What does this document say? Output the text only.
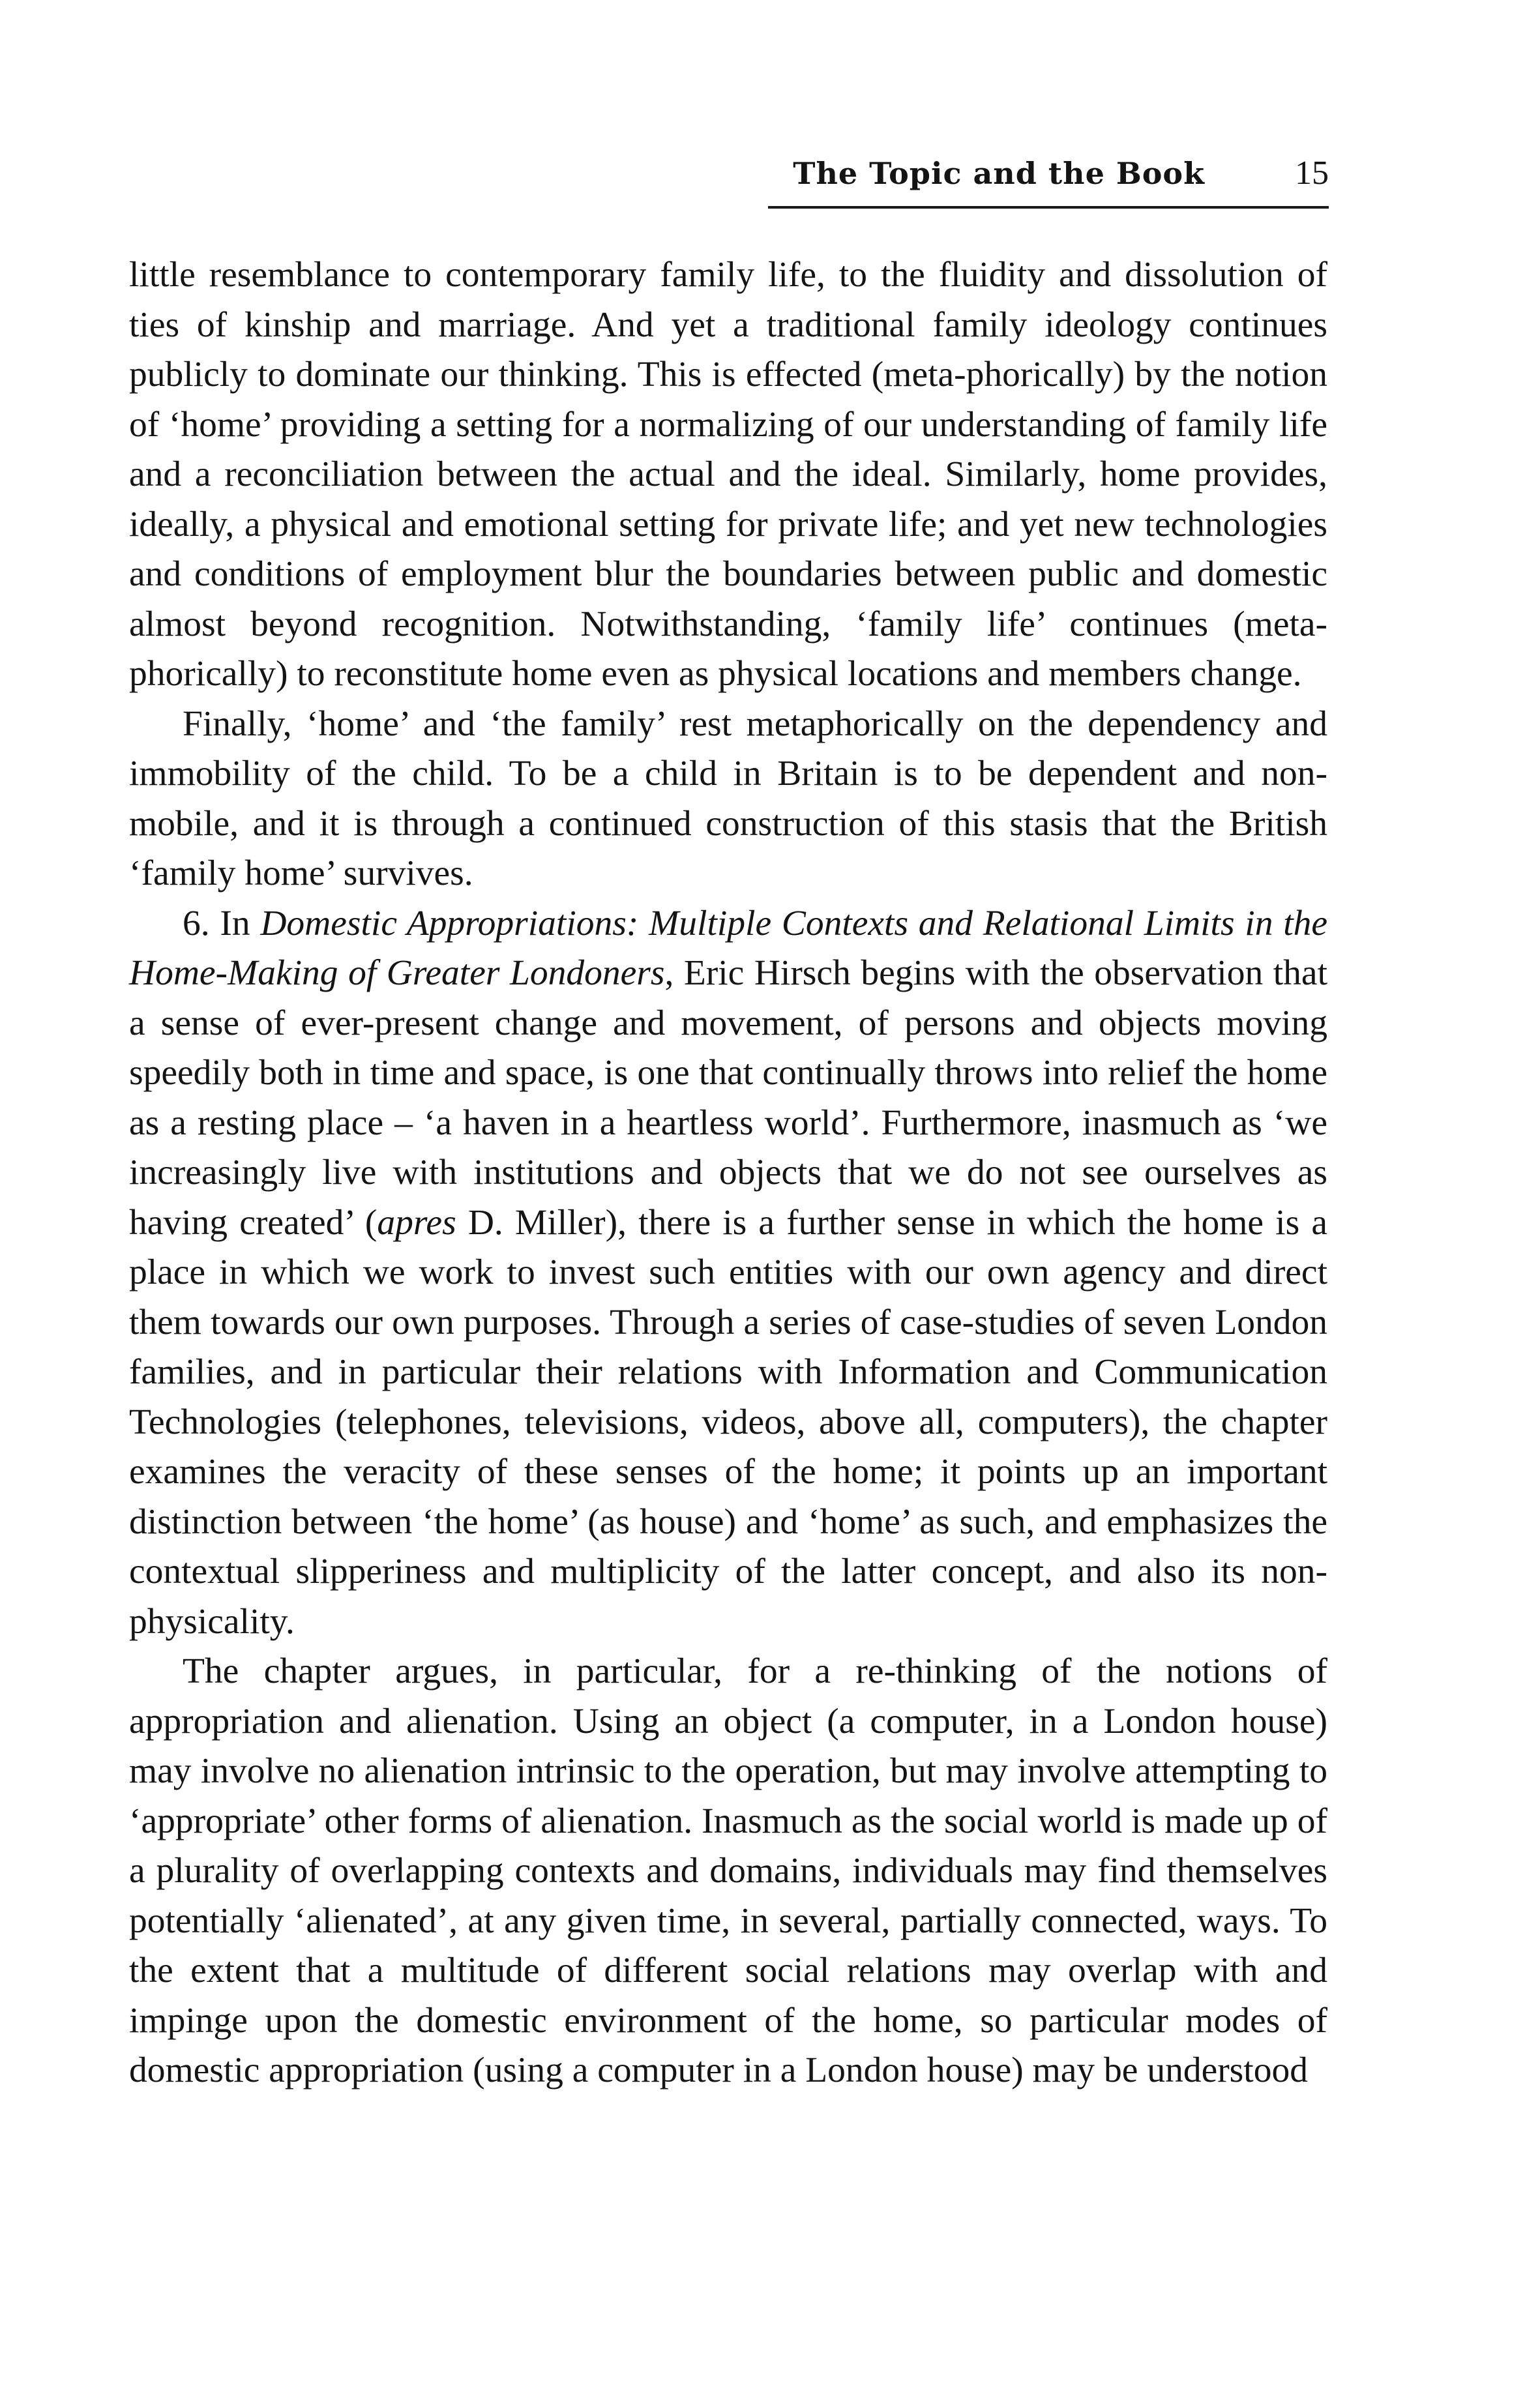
The Topic and the Book	15

little resemblance to contemporary family life, to the fluidity and dissolution of ties of kinship and marriage. And yet a traditional family ideology continues publicly to dominate our thinking. This is effected (meta-phorically) by the notion of ‘home’ providing a setting for a normalizing of our understanding of family life and a reconciliation between the actual and the ideal. Similarly, home provides, ideally, a physical and emotional setting for private life; and yet new technologies and conditions of employment blur the boundaries between public and domestic almost beyond recognition. Notwithstanding, ‘family life’ continues (meta-phorically) to reconstitute home even as physical locations and members change.

Finally, ‘home’ and ‘the family’ rest metaphorically on the dependency and immobility of the child. To be a child in Britain is to be dependent and non-mobile, and it is through a continued construction of this stasis that the British ‘family home’ survives.

6. In Domestic Appropriations: Multiple Contexts and Relational Limits in the Home-Making of Greater Londoners, Eric Hirsch begins with the observation that a sense of ever-present change and movement, of persons and objects moving speedily both in time and space, is one that continually throws into relief the home as a resting place – ‘a haven in a heartless world’. Furthermore, inasmuch as ‘we increasingly live with institutions and objects that we do not see ourselves as having created’ (apres D. Miller), there is a further sense in which the home is a place in which we work to invest such entities with our own agency and direct them towards our own purposes. Through a series of case-studies of seven London families, and in particular their relations with Information and Communication Technologies (telephones, televisions, videos, above all, computers), the chapter examines the veracity of these senses of the home; it points up an important distinction between ‘the home’ (as house) and ‘home’ as such, and emphasizes the contextual slipperiness and multiplicity of the latter concept, and also its non-physicality.

The chapter argues, in particular, for a re-thinking of the notions of appropriation and alienation. Using an object (a computer, in a London house) may involve no alienation intrinsic to the operation, but may involve attempting to ‘appropriate’ other forms of alienation. Inasmuch as the social world is made up of a plurality of overlapping contexts and domains, individuals may find themselves potentially ‘alienated’, at any given time, in several, partially connected, ways. To the extent that a multitude of different social relations may overlap with and impinge upon the domestic environment of the home, so particular modes of domestic appropriation (using a computer in a London house) may be understood
